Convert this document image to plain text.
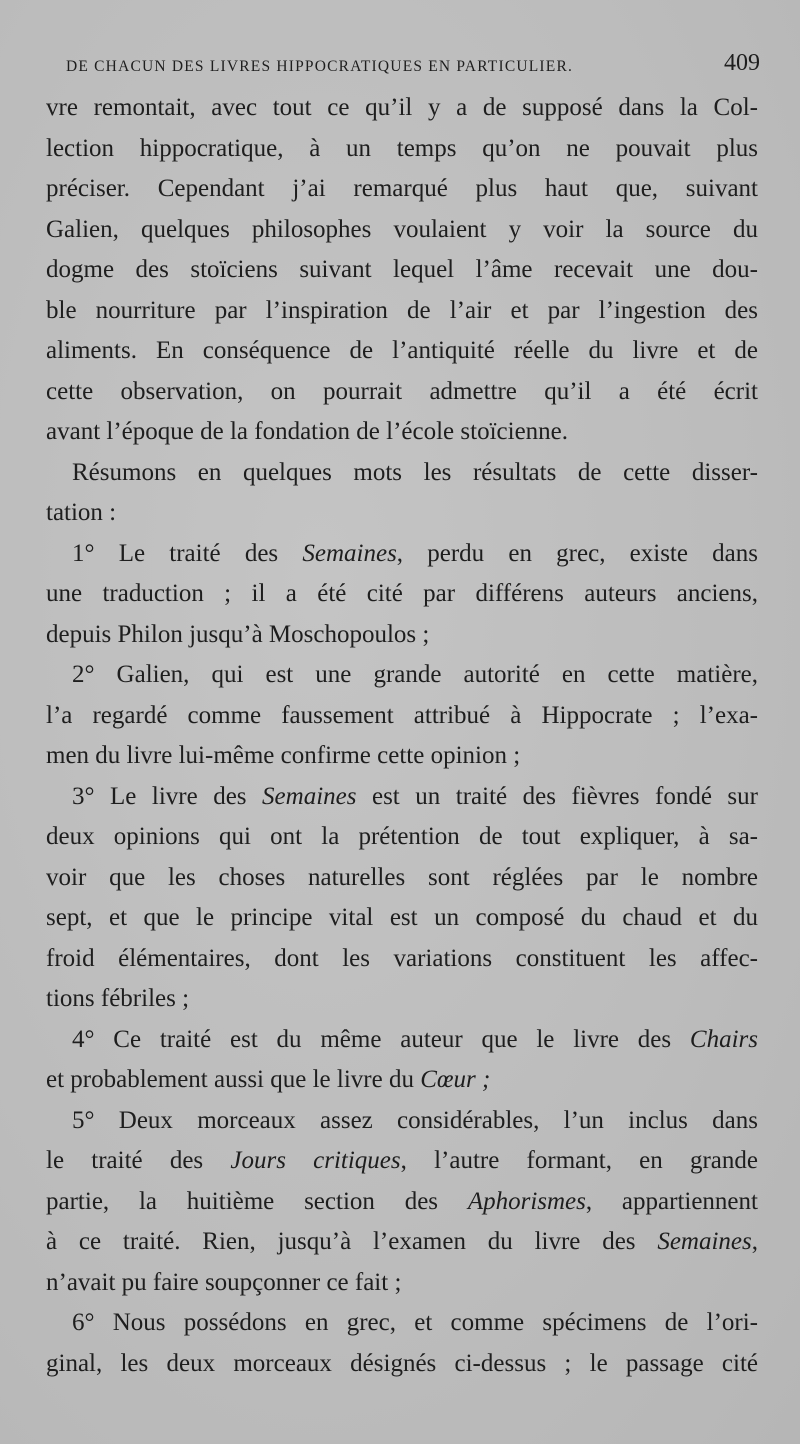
DE CHACUN DES LIVRES HIPPOCRATIQUES EN PARTICULIER.	409
vre remontait, avec tout ce qu’il y a de supposé dans la Col-
lection hippocratique, à un temps qu’on ne pouvait plus
préciser. Cependant j’ai remarqué plus haut que, suivant
Galien, quelques philosophes voulaient y voir la source du
dogme des stoïciens suivant lequel l’âme recevait une dou-
ble nourriture par l’inspiration de l’air et par l’ingestion des
aliments. En conséquence de l’antiquité réelle du livre et de
cette observation, on pourrait admettre qu’il a été écrit
avant l’époque de la fondation de l’école stoïcienne.
Résumons en quelques mots les résultats de cette disser-
tation :
1° Le traité des Semaines, perdu en grec, existe dans
une traduction ; il a été cité par différens auteurs anciens,
depuis Philon jusqu’à Moschopoulos ;
2° Galien, qui est une grande autorité en cette matière,
l’a regardé comme faussement attribué à Hippocrate ; l’exa-
men du livre lui-même confirme cette opinion ;
3° Le livre des Semaines est un traité des fièvres fondé sur
deux opinions qui ont la prétention de tout expliquer, à sa-
voir que les choses naturelles sont réglées par le nombre
sept, et que le principe vital est un composé du chaud et du
froid élémentaires, dont les variations constituent les affec-
tions fébriles ;
4° Ce traité est du même auteur que le livre des Chairs
et probablement aussi que le livre du Cœur ;
5° Deux morceaux assez considérables, l’un inclus dans
le traité des Jours critiques, l’autre formant, en grande
partie, la huitième section des Aphorismes, appartiennent
à ce traité. Rien, jusqu’à l’examen du livre des Semaines,
n’avait pu faire soupçonner ce fait ;
6° Nous possédons en grec, et comme spécimens de l’ori-
ginal, les deux morceaux désignés ci-dessus ; le passage cité
